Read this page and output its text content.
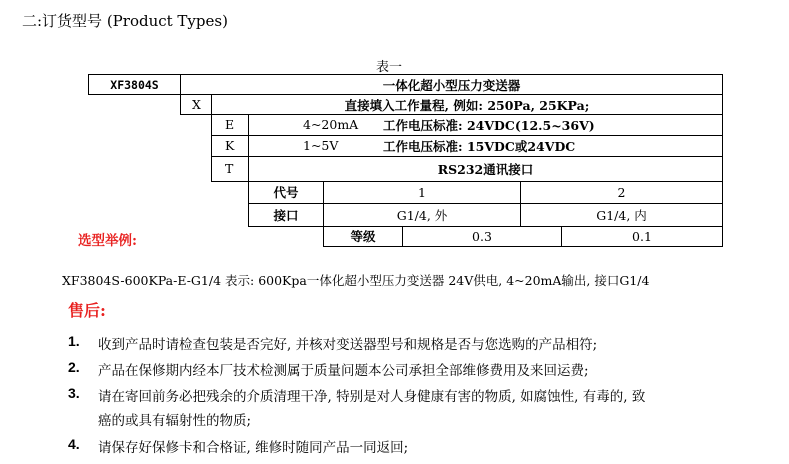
二:订货型号 (Product Types)
表一
XF3804S	一体化超小型压力变送器
X	直接填入工作量程, 例如: 250Pa, 25KPa;
E	4~20mA 工作电压标准: 24VDC(12.5~36V)
K	1~5V	工作电压标准: 15VDC或24VDC
T	RS232通讯接口
代号	1	2
接口	G1/4, 外	G1/4, 内
等级	0.3	0.1
选型举例:
XF3804S-600KPa-E-G1/4 表示: 600Kpa一体化超小型压力变送器 24V供电, 4~20mA输出, 接口G1/4
售后:
1. 收到产品时请检查包装是否完好, 并核对变送器型号和规格是否与您选购的产品相符;
2. 产品在保修期内经本厂技术检测属于质量问题本公司承担全部维修费用及来回运费;
3. 请在寄回前务必把残余的介质清理干净, 特别是对人身健康有害的物质, 如腐蚀性, 有毒的, 致
癌的或具有辐射性的物质;
4. 请保存好保修卡和合格证, 维修时随同产品一同返回;
